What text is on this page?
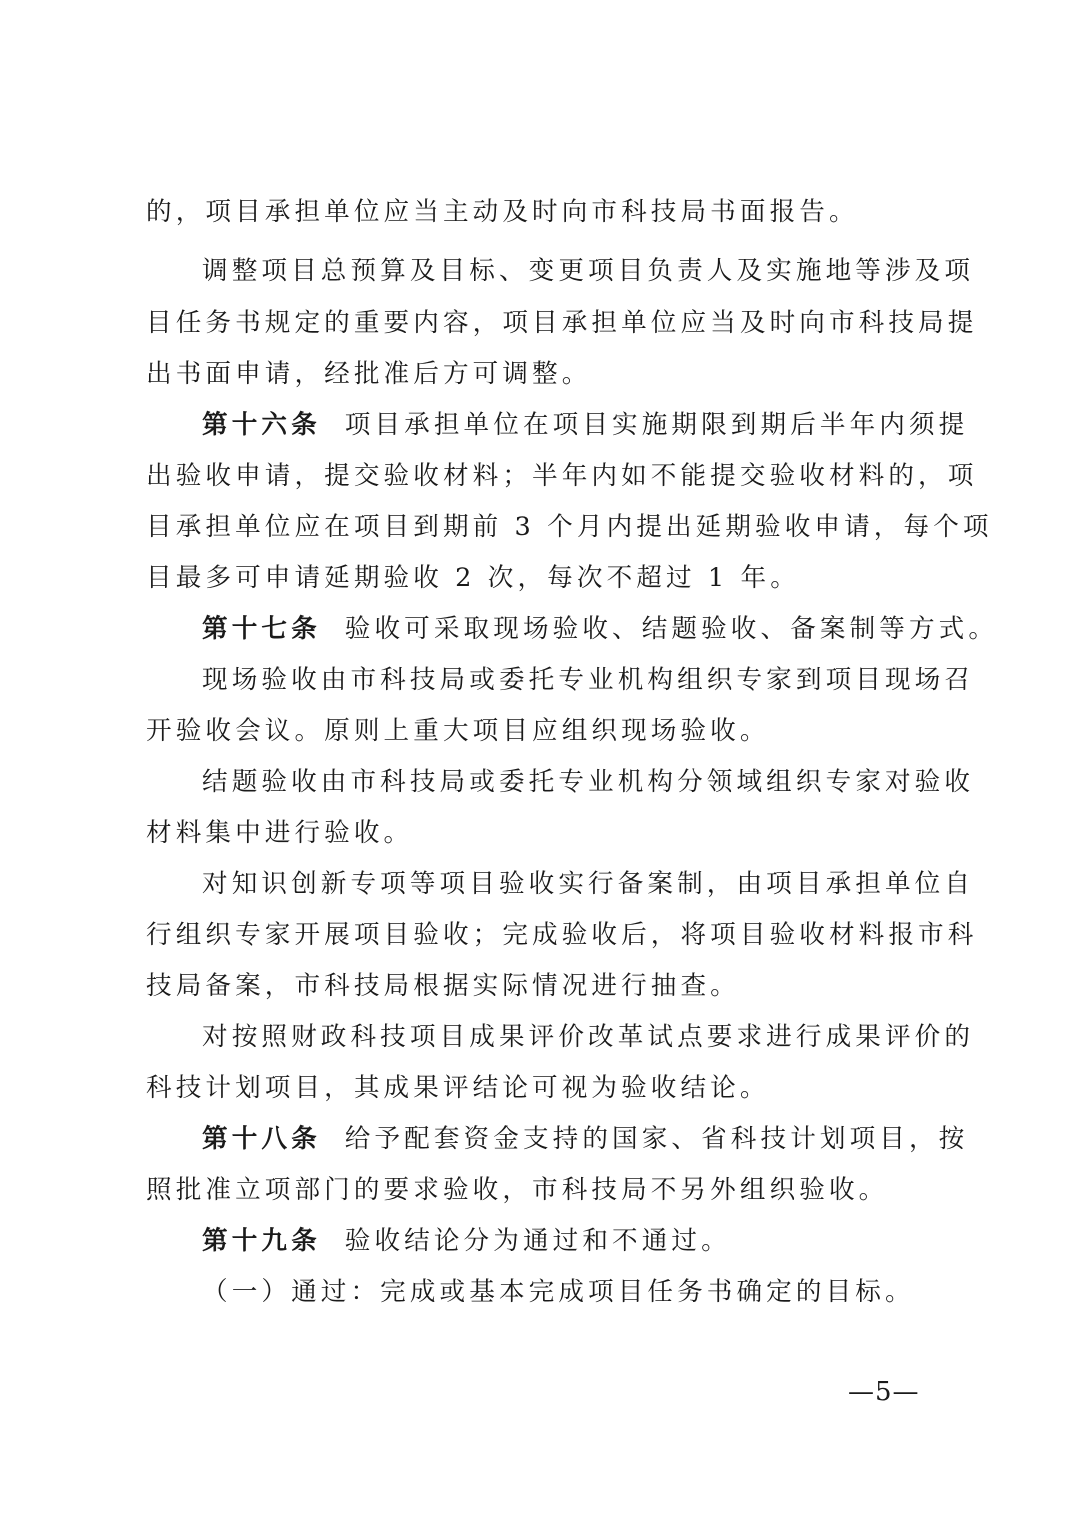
的，项目承担单位应当主动及时向市科技局书面报告。
调整项目总预算及目标、变更项目负责人及实施地等涉及项
目任务书规定的重要内容，项目承担单位应当及时向市科技局提
出书面申请，经批准后方可调整。
第十六条 项目承担单位在项目实施期限到期后半年内须提
出验收申请，提交验收材料；半年内如不能提交验收材料的，项
目承担单位应在项目到期前 3 个月内提出延期验收申请，每个项
目最多可申请延期验收 2 次，每次不超过 1 年。
第十七条 验收可采取现场验收、结题验收、备案制等方式。
现场验收由市科技局或委托专业机构组织专家到项目现场召
开验收会议。原则上重大项目应组织现场验收。
结题验收由市科技局或委托专业机构分领域组织专家对验收
材料集中进行验收。
对知识创新专项等项目验收实行备案制，由项目承担单位自
行组织专家开展项目验收；完成验收后，将项目验收材料报市科
技局备案，市科技局根据实际情况进行抽查。
对按照财政科技项目成果评价改革试点要求进行成果评价的
科技计划项目，其成果评结论可视为验收结论。
第十八条 给予配套资金支持的国家、省科技计划项目，按
照批准立项部门的要求验收，市科技局不另外组织验收。
第十九条 验收结论分为通过和不通过。
（一）通过：完成或基本完成项目任务书确定的目标。
—5—
